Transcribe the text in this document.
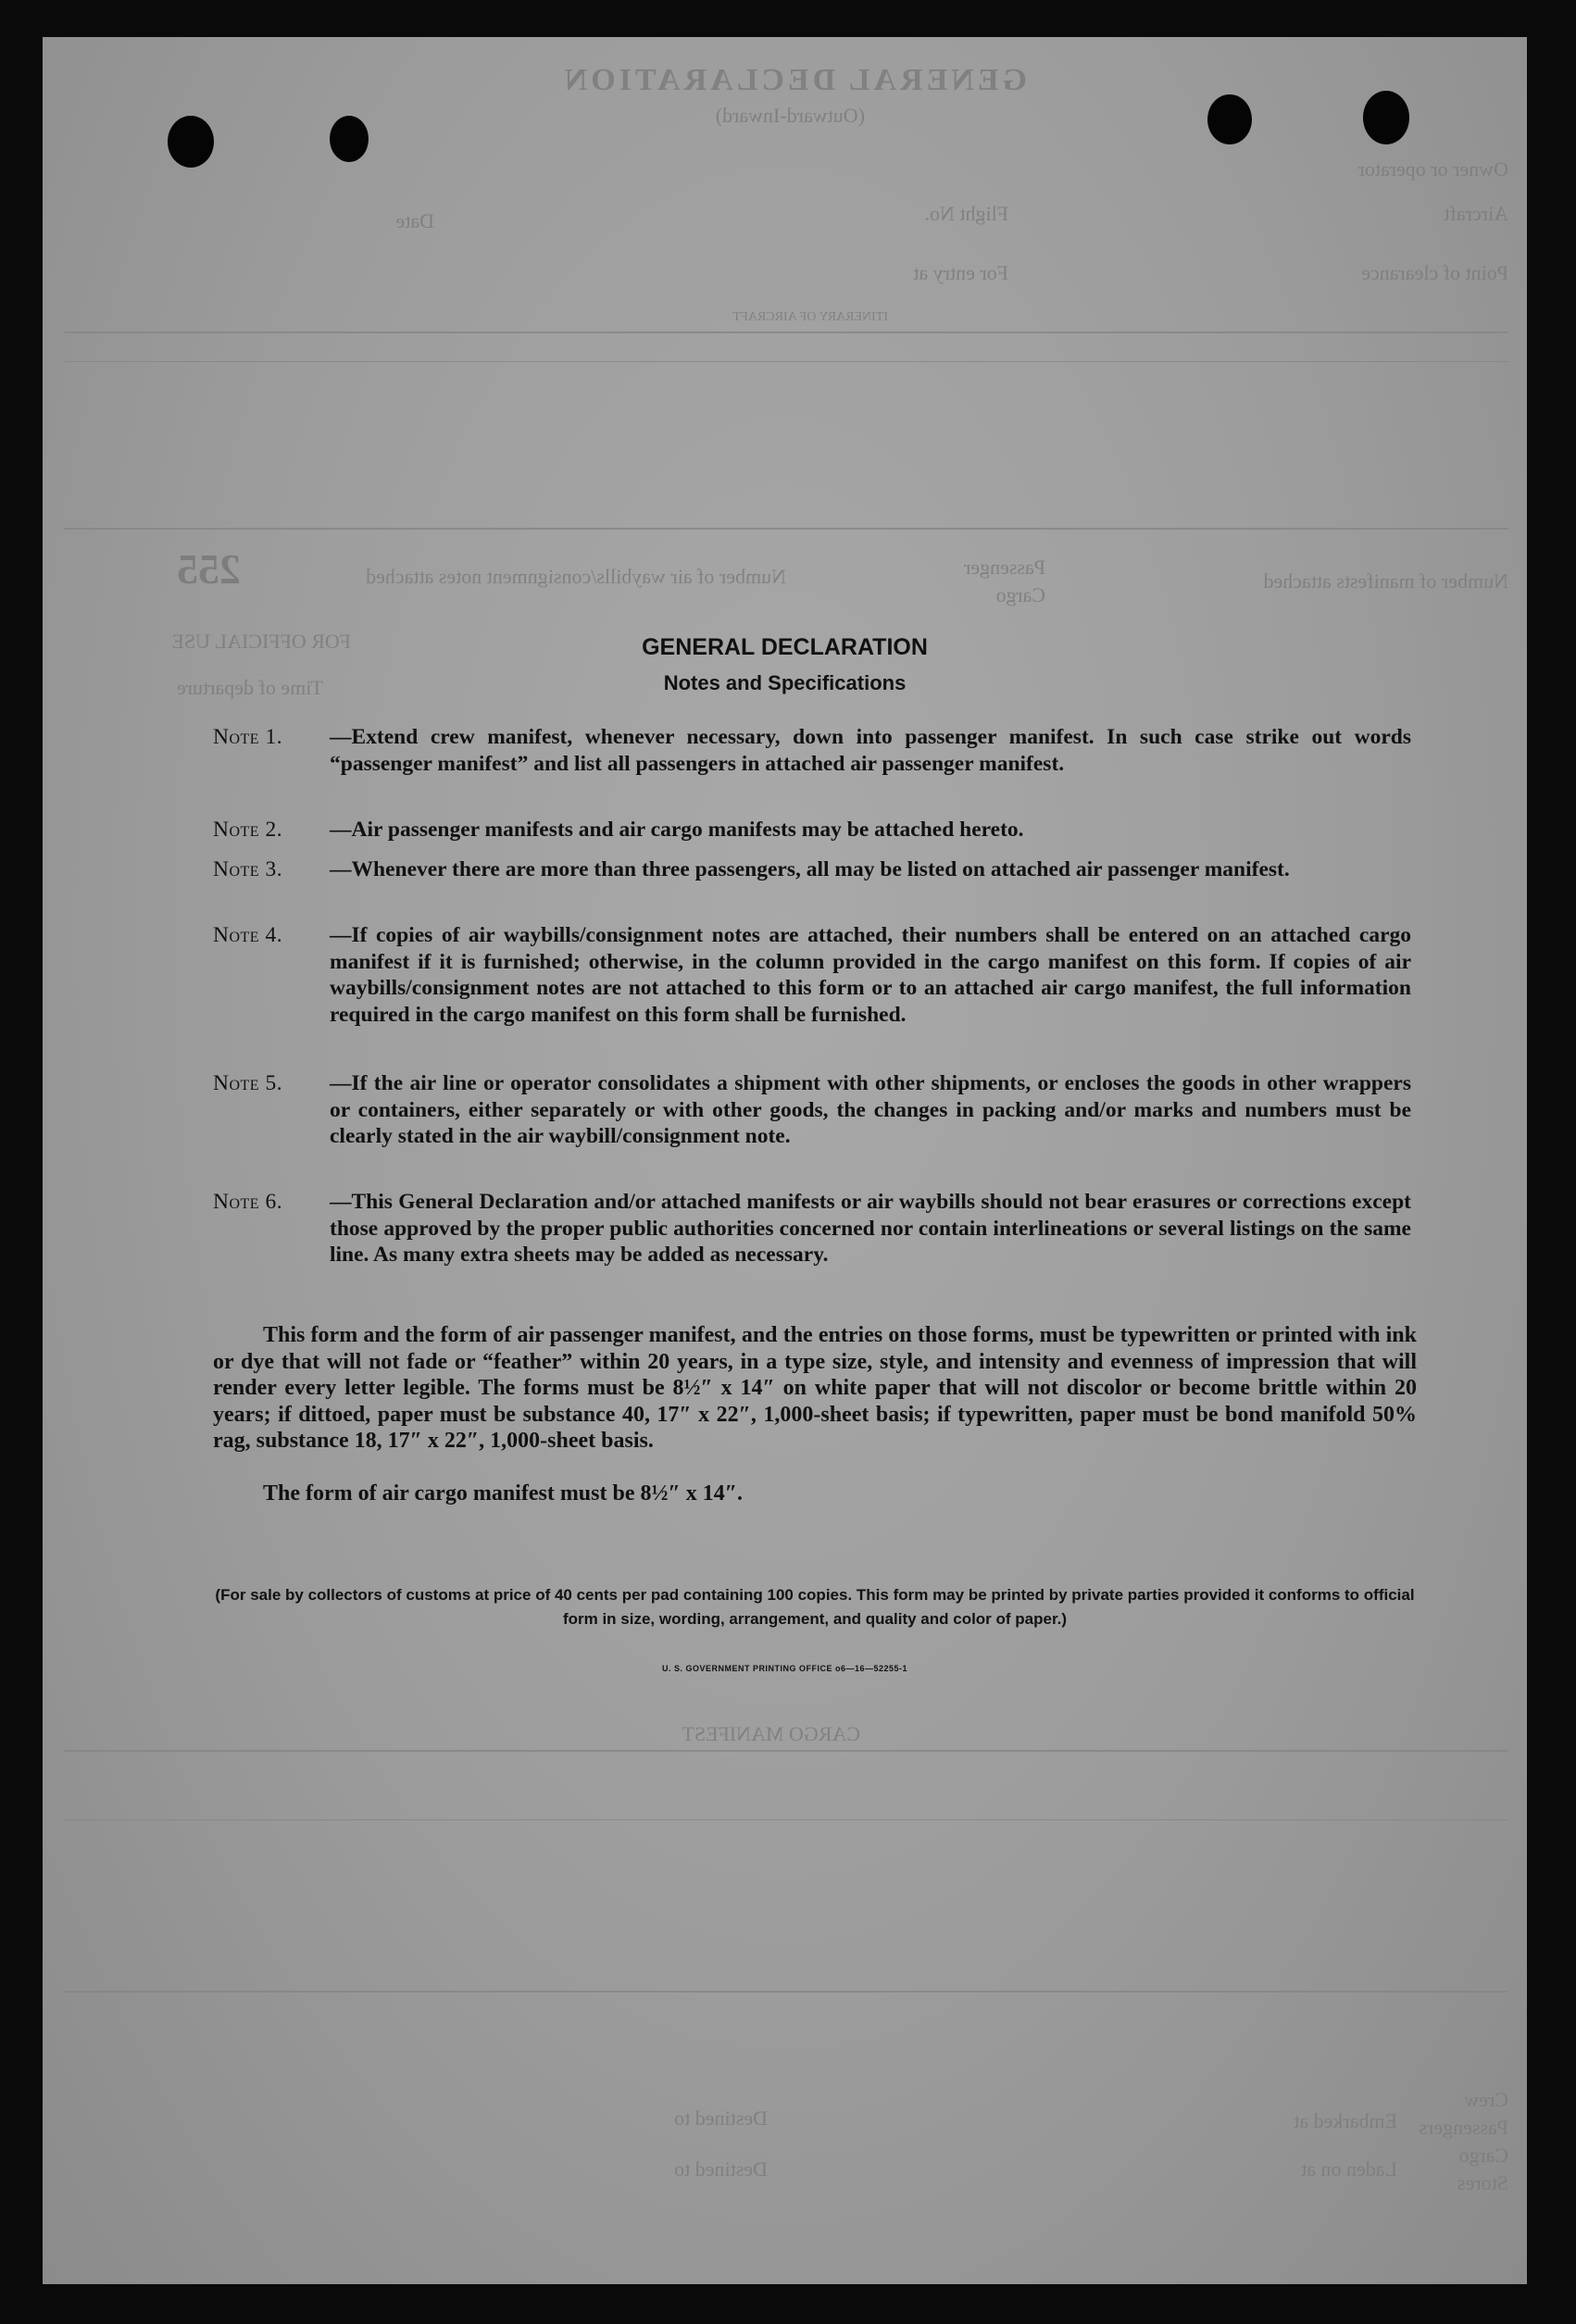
GENERAL DECLARATION
(Outward-Inward)
Owner or operator
Aircraft
Point of clearance
Flight No.
Date
For entry at
ITINERARY OF AIRCRAFT
Number of manifests attached
Passenger
Cargo
Number of air waybills/consignment notes attached
FOR OFFICIAL USE
Time of departure
CARGO MANIFEST
Destined to
Destined to
Embarked at
Laden on at
Crew
Passengers
Cargo
Stores
255
GENERAL DECLARATION
Notes and Specifications
Note 1. —Extend crew manifest, whenever necessary, down into passenger manifest. In such case strike out words “passenger manifest” and list all passengers in attached air passenger manifest.
Note 2. —Air passenger manifests and air cargo manifests may be attached hereto.
Note 3. —Whenever there are more than three passengers, all may be listed on attached air passenger manifest.
Note 4. —If copies of air waybills/consignment notes are attached, their numbers shall be entered on an attached cargo manifest if it is furnished; otherwise, in the column provided in the cargo manifest on this form. If copies of air waybills/consignment notes are not attached to this form or to an attached air cargo manifest, the full information required in the cargo manifest on this form shall be furnished.
Note 5. —If the air line or operator consolidates a shipment with other shipments, or encloses the goods in other wrappers or containers, either separately or with other goods, the changes in packing and/or marks and numbers must be clearly stated in the air waybill/consignment note.
Note 6. —This General Declaration and/or attached manifests or air waybills should not bear erasures or corrections except those approved by the proper public authorities concerned nor contain interlineations or several listings on the same line. As many extra sheets may be added as necessary.
This form and the form of air passenger manifest, and the entries on those forms, must be typewritten or printed with ink or dye that will not fade or “feather” within 20 years, in a type size, style, and intensity and evenness of impression that will render every letter legible. The forms must be 8½″ x 14″ on white paper that will not discolor or become brittle within 20 years; if dittoed, paper must be substance 40, 17″ x 22″, 1,000-sheet basis; if typewritten, paper must be bond manifold 50% rag, substance 18, 17″ x 22″, 1,000-sheet basis.
The form of air cargo manifest must be 8½″ x 14″.
(For sale by collectors of customs at price of 40 cents per pad containing 100 copies. This form may be printed by private parties provided it conforms to official form in size, wording, arrangement, and quality and color of paper.)
U. S. GOVERNMENT PRINTING OFFICE o6—16—52255-1
